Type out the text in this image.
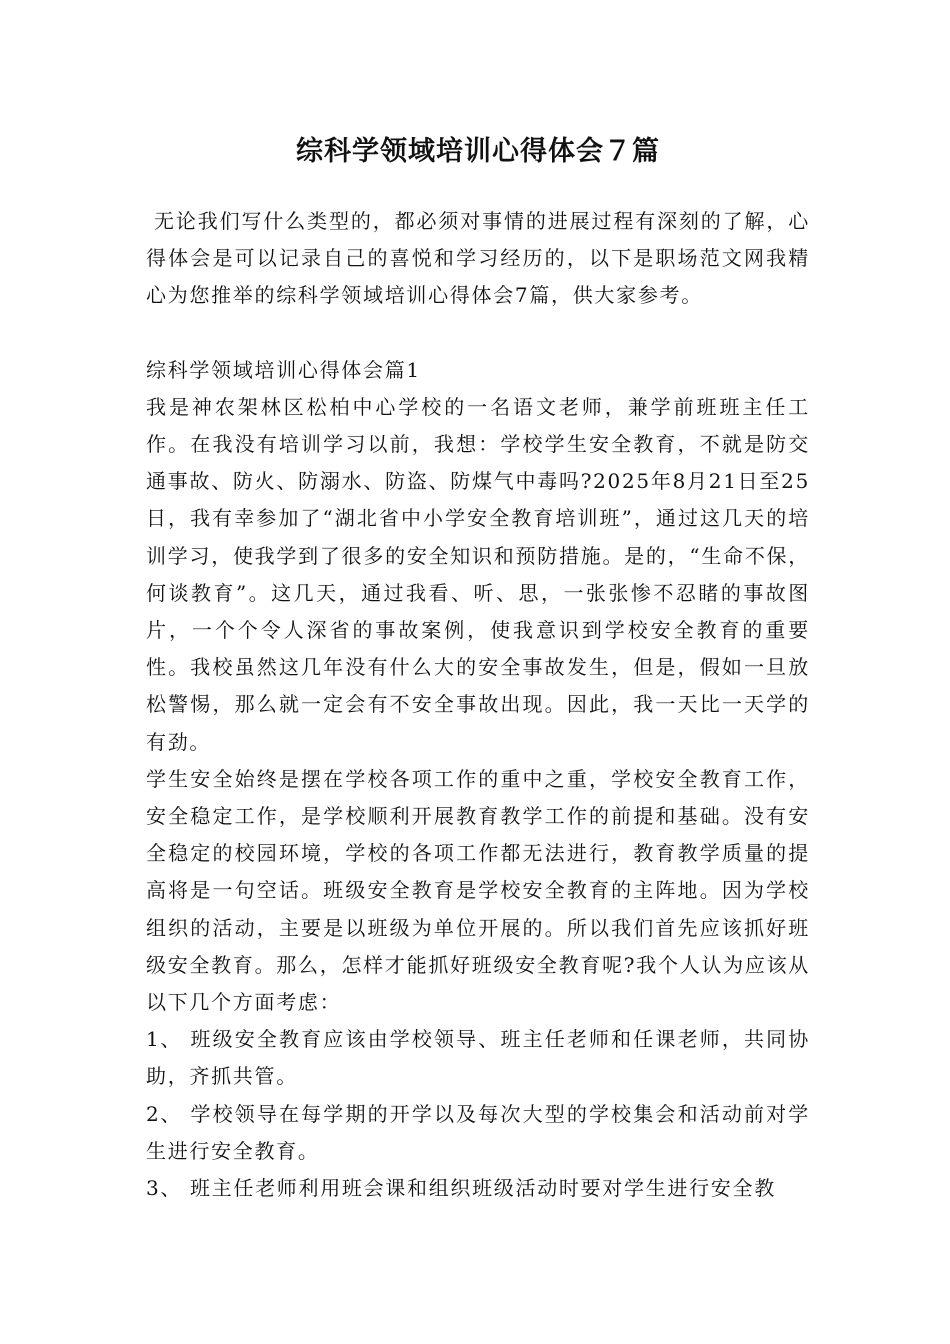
综科学领域培训心得体会７篇

无论我们写什么类型的，都必须对事情的进展过程有深刻的了解，心得体会是可以记录自己的喜悦和学习经历的，以下是职场范文网我精心为您推举的综科学领域培训心得体会7篇，供大家参考。

综科学领域培训心得体会篇1

我是神农架林区松柏中心学校的一名语文老师，兼学前班班主任工作。在我没有培训学习以前，我想：学校学生安全教育，不就是防交通事故、防火、防溺水、防盗、防煤气中毒吗?2025年8月21日至25日，我有幸参加了“湖北省中小学安全教育培训班”，通过这几天的培训学习，使我学到了很多的安全知识和预防措施。是的，“生命不保，何谈教育”。这几天，通过我看、听、思，一张张惨不忍睹的事故图片，一个个令人深省的事故案例，使我意识到学校安全教育的重要性。我校虽然这几年没有什么大的安全事故发生，但是，假如一旦放松警惕，那么就一定会有不安全事故出现。因此，我一天比一天学的有劲。

学生安全始终是摆在学校各项工作的重中之重，学校安全教育工作，安全稳定工作，是学校顺利开展教育教学工作的前提和基础。没有安全稳定的校园环境，学校的各项工作都无法进行，教育教学质量的提高将是一句空话。班级安全教育是学校安全教育的主阵地。因为学校组织的活动，主要是以班级为单位开展的。所以我们首先应该抓好班级安全教育。那么，怎样才能抓好班级安全教育呢?我个人认为应该从以下几个方面考虑：

1、 班级安全教育应该由学校领导、班主任老师和任课老师，共同协助，齐抓共管。
2、 学校领导在每学期的开学以及每次大型的学校集会和活动前对学生进行安全教育。
3、 班主任老师利用班会课和组织班级活动时要对学生进行安全教
